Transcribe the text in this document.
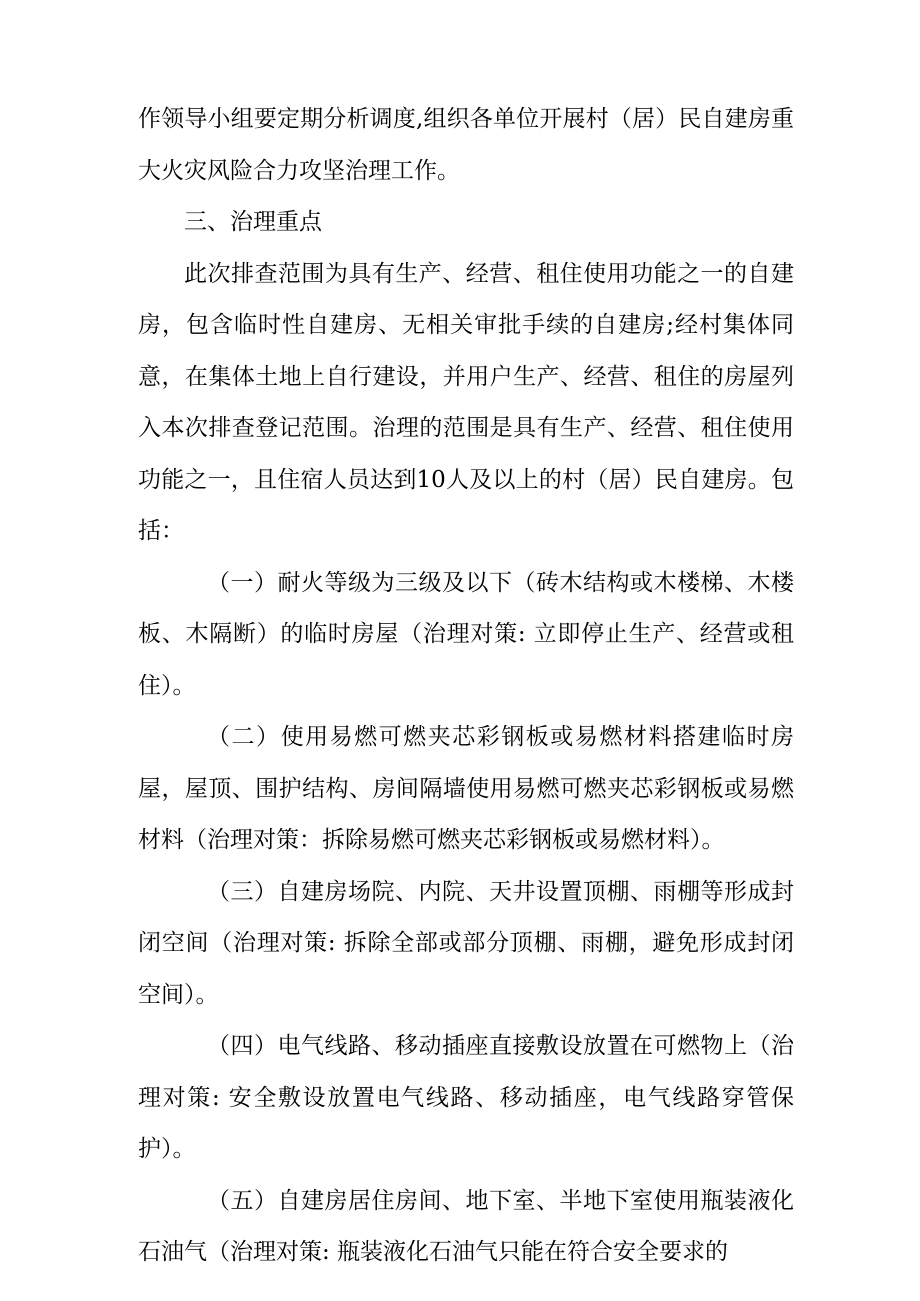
作领导小组要定期分析调度,组织各单位开展村（居）民自建房重大火灾风险合力攻坚治理工作。

三、治理重点

此次排查范围为具有生产、经营、租住使用功能之一的自建房，包含临时性自建房、无相关审批手续的自建房;经村集体同意，在集体土地上自行建设，并用户生产、经营、租住的房屋列入本次排查登记范围。治理的范围是具有生产、经营、租住使用功能之一，且住宿人员达到10人及以上的村（居）民自建房。包括：

（一）耐火等级为三级及以下（砖木结构或木楼梯、木楼板、木隔断）的临时房屋（治理对策: 立即停止生产、经营或租住）。

（二）使用易燃可燃夹芯彩钢板或易燃材料搭建临时房屋，屋顶、围护结构、房间隔墙使用易燃可燃夹芯彩钢板或易燃材料（治理对策：拆除易燃可燃夹芯彩钢板或易燃材料）。

（三）自建房场院、内院、天井设置顶棚、雨棚等形成封闭空间（治理对策: 拆除全部或部分顶棚、雨棚，避免形成封闭空间）。

（四）电气线路、移动插座直接敷设放置在可燃物上（治理对策: 安全敷设放置电气线路、移动插座，电气线路穿管保护）。

（五）自建房居住房间、地下室、半地下室使用瓶装液化石油气（治理对策: 瓶装液化石油气只能在符合安全要求的
